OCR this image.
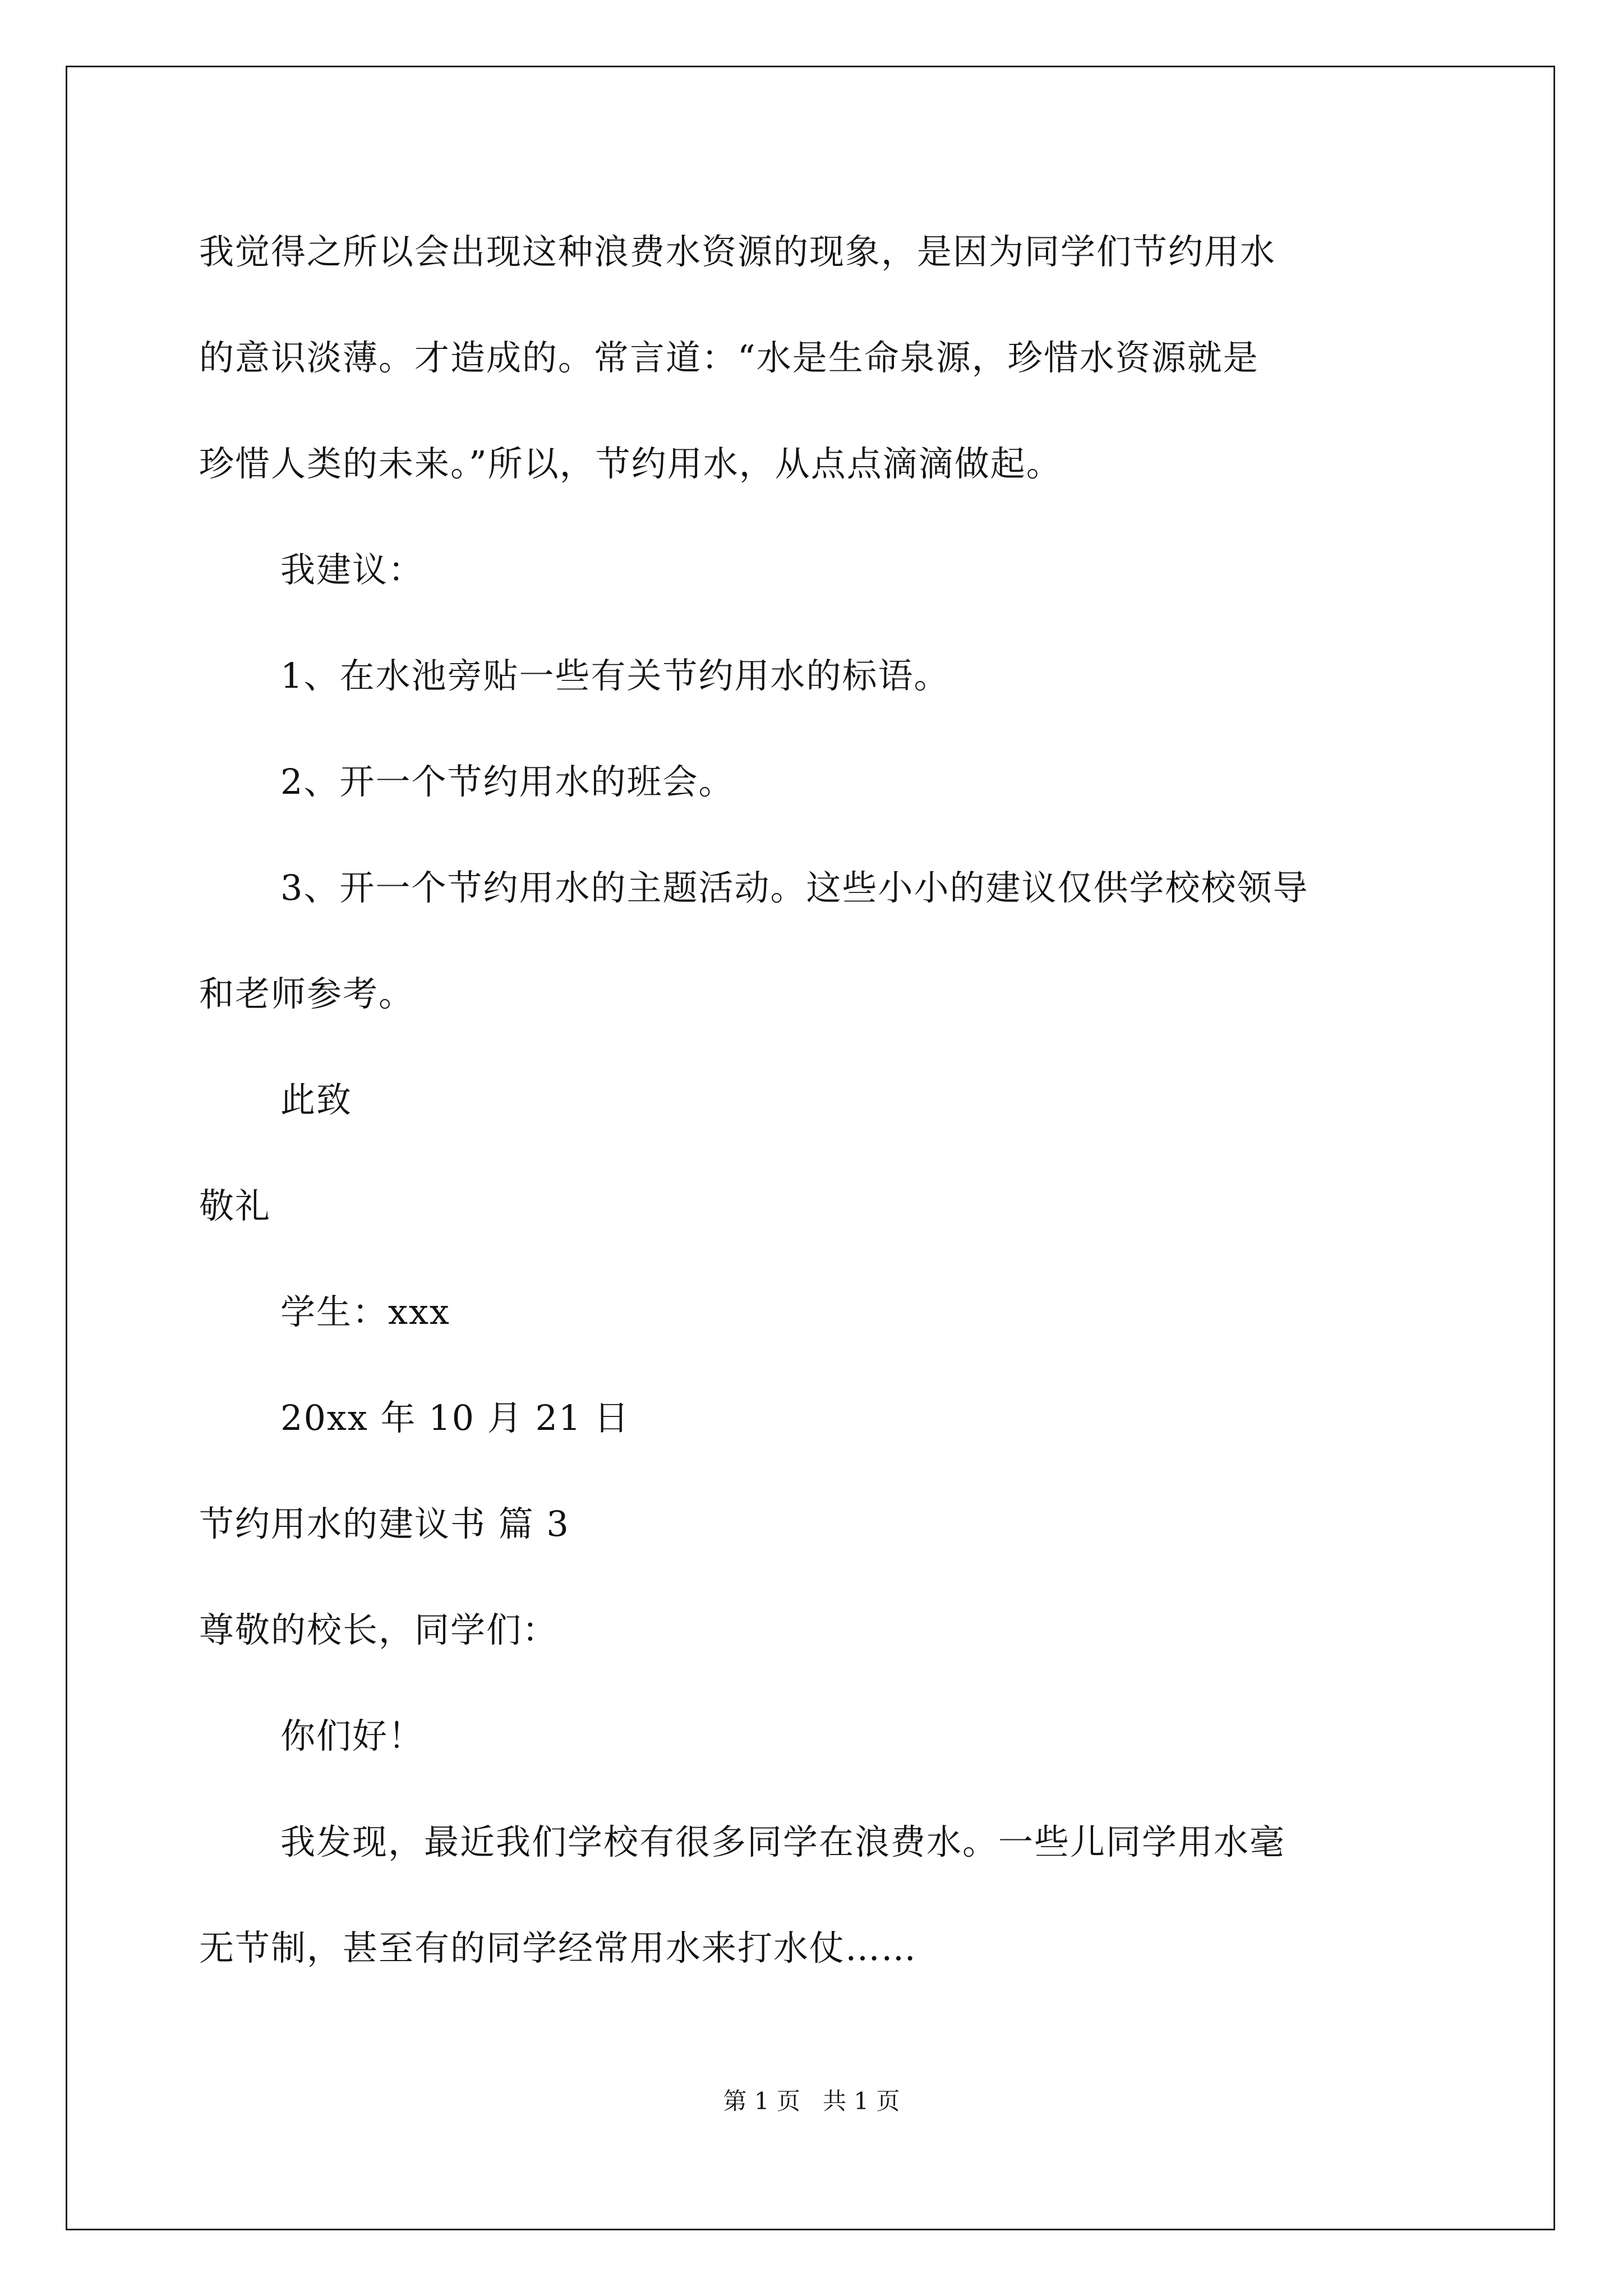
我觉得之所以会出现这种浪费水资源的现象，是因为同学们节约用水
的意识淡薄。才造成的。常言道：“水是生命泉源，珍惜水资源就是
珍惜人类的未来。”所以，节约用水，从点点滴滴做起。
我建议：
1、在水池旁贴一些有关节约用水的标语。
2、开一个节约用水的班会。
3、开一个节约用水的主题活动。这些小小的建议仅供学校校领导
和老师参考。
此致
敬礼
学生：xxx
20xx 年 10 月 21 日
节约用水的建议书 篇 3
尊敬的校长，同学们：
你们好！
我发现，最近我们学校有很多同学在浪费水。一些儿同学用水毫
无节制，甚至有的同学经常用水来打水仗……
第 1 页   共 1 页
